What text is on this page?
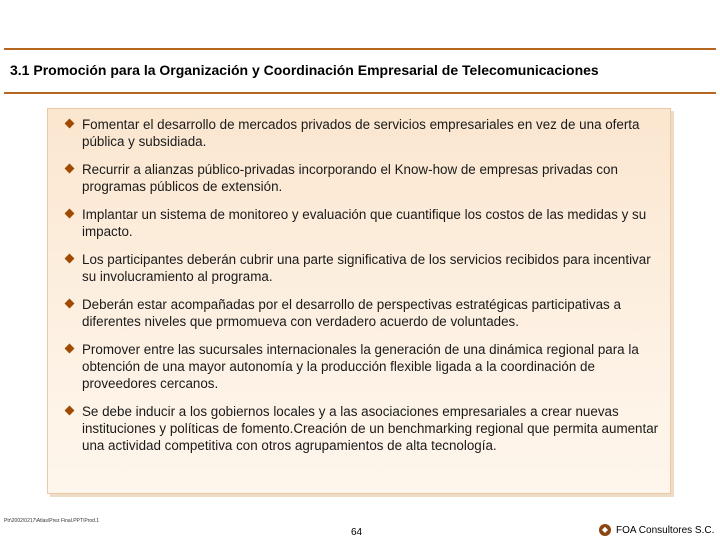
3.1 Promoción para la Organización y Coordinación Empresarial de Telecomunicaciones
Fomentar el desarrollo de mercados privados de servicios empresariales en vez de una oferta pública y subsidiada.
Recurrir a alianzas público-privadas incorporando el Know-how de empresas privadas con programas públicos de extensión.
Implantar un sistema de monitoreo y evaluación que cuantifique los costos de las medidas y su impacto.
Los participantes deberán cubrir una parte significativa de los servicios recibidos para incentivar su involucramiento al programa.
Deberán estar acompañadas por el desarrollo de perspectivas estratégicas participativas a diferentes niveles que prmomueva con verdadero acuerdo de voluntades.
Promover entre las sucursales internacionales la generación de una dinámica regional para la obtención de una mayor autonomía y la producción flexible ligada a la coordinación de proveedores cercanos.
Se debe inducir a los gobiernos locales y a las asociaciones empresariales a crear nuevas instituciones y políticas de fomento.Creación de un benchmarking regional que permita aumentar una actividad competitiva con otros agrupamientos de alta tecnología.
Ptr\2002\0217\Atlas\Prez Final.PPT\Prod.1
64	◆ FOA Consultores S.C.
